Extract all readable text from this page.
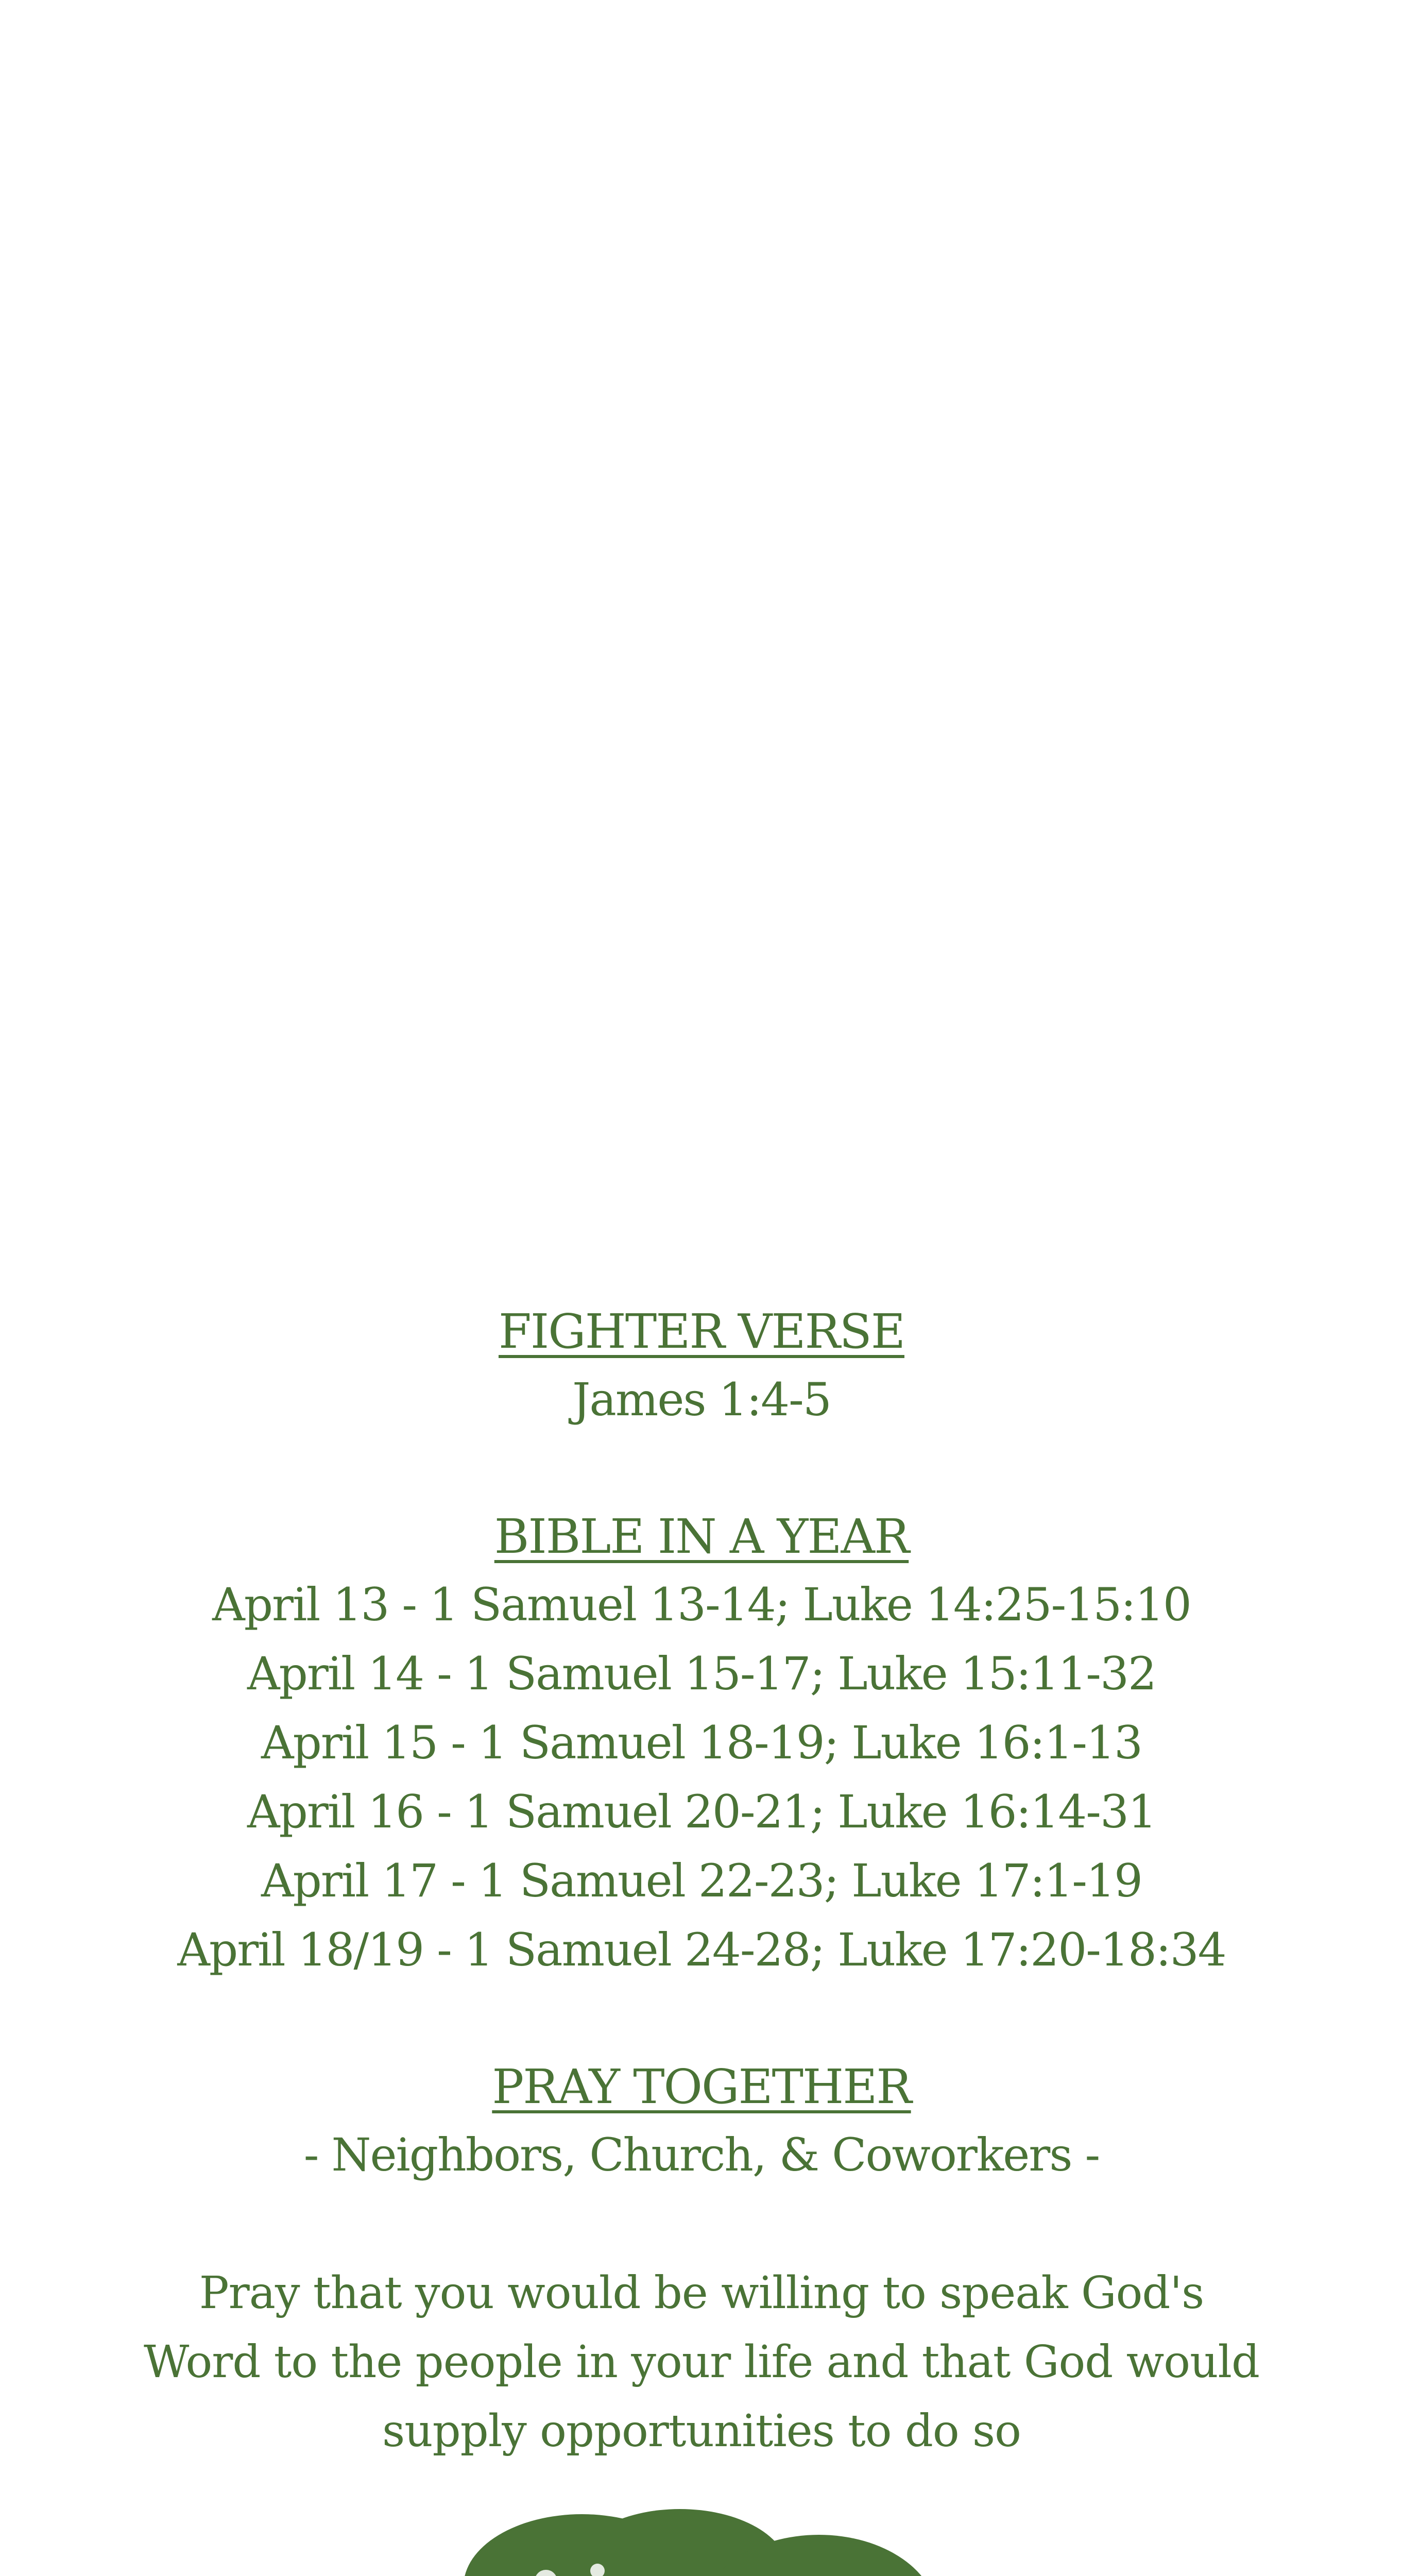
FIGHTER VERSE
James 1:4-5
BIBLE IN A YEAR
April 13 - 1 Samuel 13-14; Luke 14:25-15:10
April 14 - 1 Samuel 15-17; Luke 15:11-32
April 15 - 1 Samuel 18-19; Luke 16:1-13
April 16 - 1 Samuel 20-21; Luke 16:14-31
April 17 - 1 Samuel 22-23; Luke 17:1-19
April 18/19 - 1 Samuel 24-28; Luke 17:20-18:34
PRAY TOGETHER
- Neighbors, Church, & Coworkers -
Pray that you would be willing to speak God's
Word to the people in your life and that God would
supply opportunities to do so
